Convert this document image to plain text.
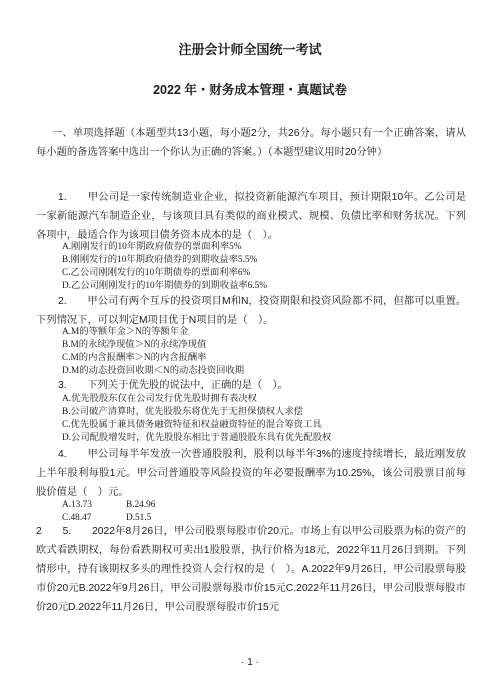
注册会计师全国统一考试
2022 年・财务成本管理・真题试卷
一、单项选择题（本题型共13小题，每小题2分，共26分。每小题只有一个正确答案，请从每小题的备选答案中选出一个你认为正确的答案。）（本题型建议用时20分钟）
1.　　甲公司是一家传统制造业企业，拟投资新能源汽车项目，预计期限10年。乙公司是一家新能源汽车制造企业，与该项目具有类似的商业模式、规模、负债比率和财务状况。下列各项中，最适合作为该项目债务资本成本的是（　）。
A.刚刚发行的10年期政府债券的票面利率5%
B.刚刚发行的10年期政府债券的到期收益率5.5%
C.乙公司刚刚发行的10年期债券的票面利率6%
D.乙公司刚刚发行的10年期债券的到期收益率6.5%
2.　　甲公司有两个互斥的投资项目M和N，投资期限和投资风险都不同，但都可以重置。下列情况下，可以判定M项目优于N项目的是（　）。
A.M的等额年金＞N的等额年金
B.M的永续净现值＞N的永续净现值
C.M的内含报酬率＞N的内含报酬率
D.M的动态投资回收期＜N的动态投资回收期
3.　　下列关于优先股的说法中，正确的是（　）。
A.优先股股东仅在公司发行优先股时拥有表决权
B.公司破产清算时，优先股股东将优先于无担保债权人求偿
C.优先股属于兼具债务融资特征和权益融资特征的混合筹资工具
D.公司配股增发时，优先股股东相比于普通股股东具有优先配股权
4.　　甲公司每半年发放一次普通股股利，股利以每半年3%的速度持续增长，最近刚发放上半年股利每股1元。甲公司普通股等风险投资的年必要报酬率为10.25%，该公司股票目前每股价值是（　）元。
A.13.73	B.24.96
C.48.47	D.51.5
2　　5.　　2022年8月26日，甲公司股票每股市价20元。市场上有以甲公司股票为标的资产的欧式看跌期权，每份看跌期权可卖出1股股票，执行价格为18元，2022年11月26日到期。下列情形中，持有该期权多头的理性投资人会行权的是（　）。A.2022年9月26日，甲公司股票每股市价20元B.2022年9月26日，甲公司股票每股市价15元C.2022年11月26日，甲公司股票每股市价20元D.2022年11月26日，甲公司股票每股市价15元
· 1 ·
